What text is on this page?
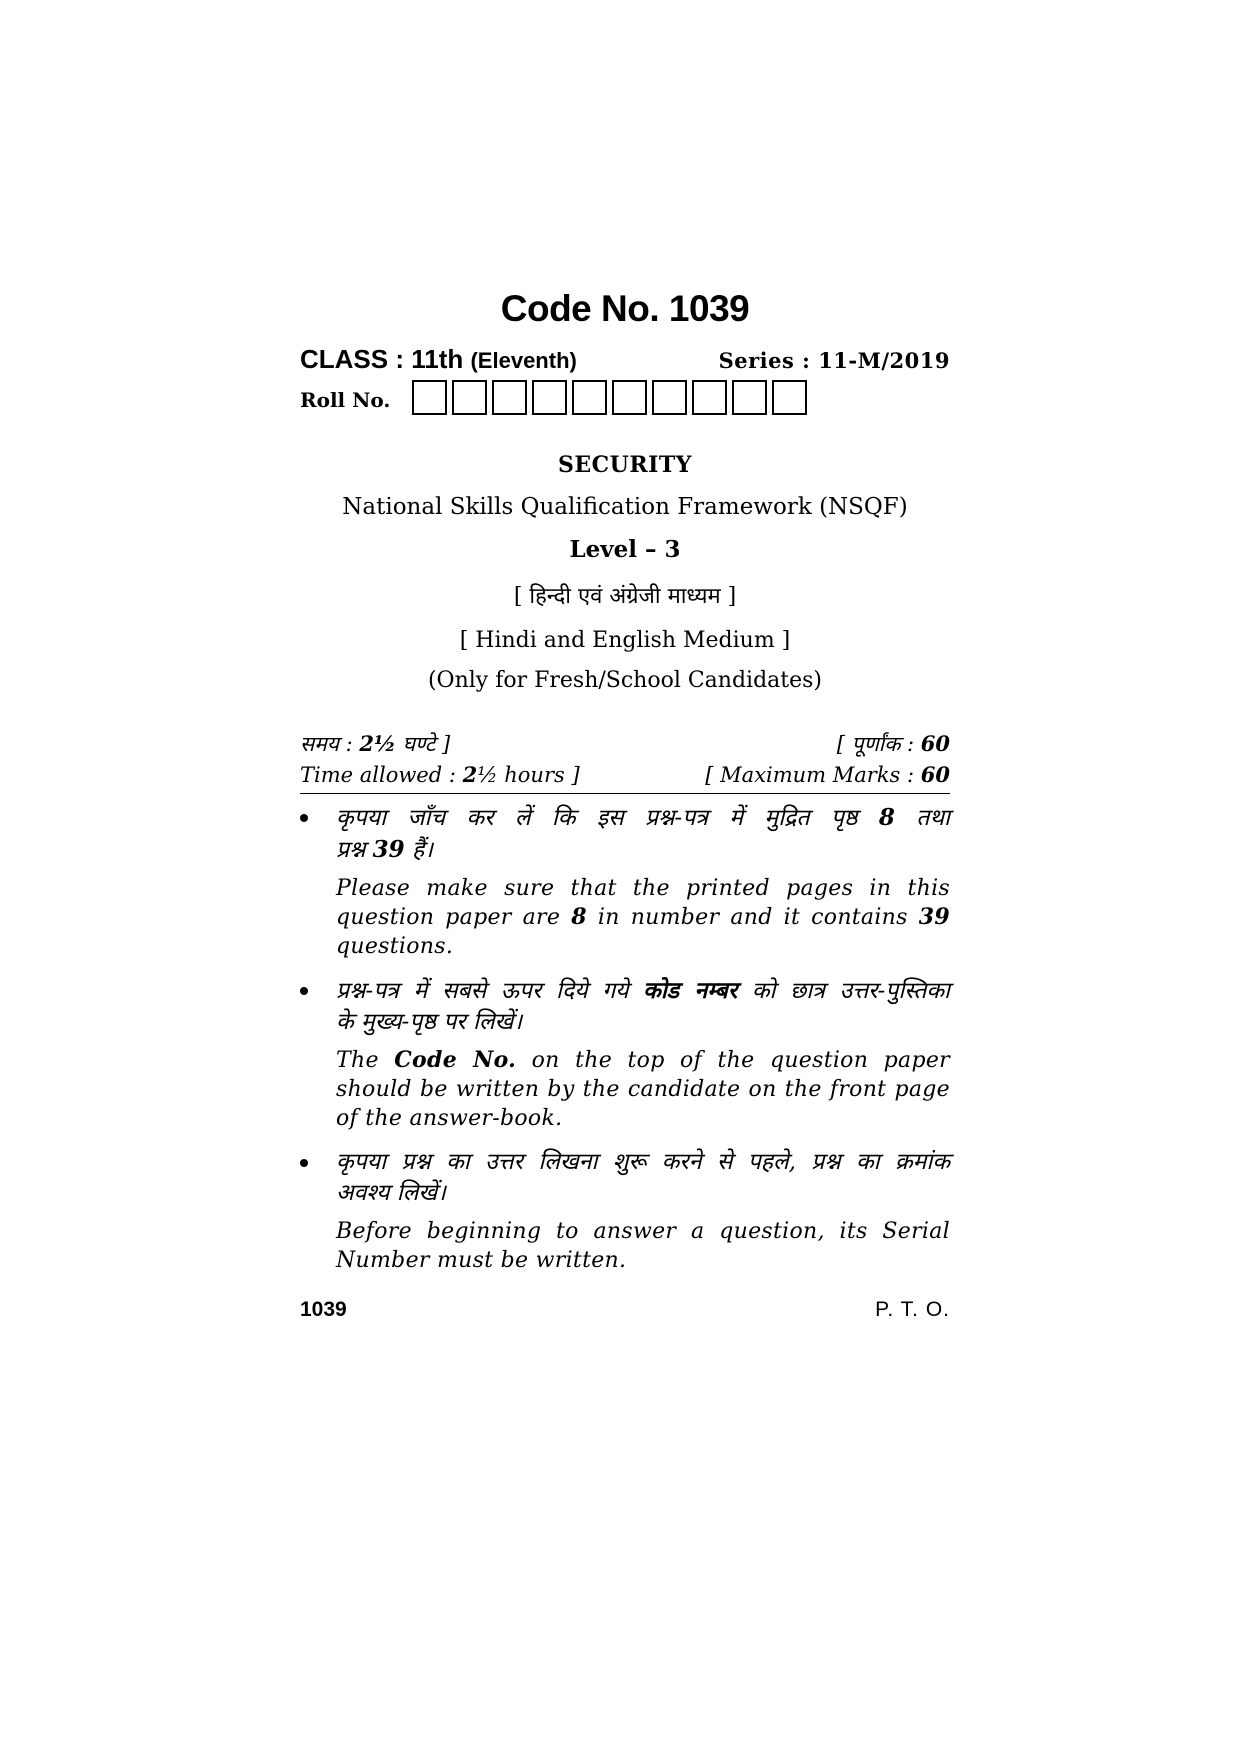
Code No. 1039
CLASS : 11th (Eleventh)	Series : 11-M/2019
Roll No.
SECURITY
National Skills Qualification Framework (NSQF)
Level – 3
[ हिन्दी एवं अंग्रेजी माध्यम ]
[ Hindi and English Medium ]
(Only for Fresh/School Candidates)
समय : 2½ घण्टे ]	[ पूर्णांक : 60
Time allowed : 2½ hours ]	[ Maximum Marks : 60

कृपया जाँच कर लें कि इस प्रश्न-पत्र में मुद्रित पृष्ठ 8 तथा
प्रश्न 39 हैं।

Please make sure that the printed pages in this question paper are 8 in number and it contains 39 questions.

प्रश्न-पत्र में सबसे ऊपर दिये गये कोड नम्बर को छात्र उत्तर-पुस्तिका
के मुख्य-पृष्ठ पर लिखें।

The Code No. on the top of the question paper should be written by the candidate on the front page of the answer-book.

कृपया प्रश्न का उत्तर लिखना शुरू करने से पहले, प्रश्न का क्रमांक
अवश्य लिखें।

Before beginning to answer a question, its Serial Number must be written.

1039	P. T. O.
